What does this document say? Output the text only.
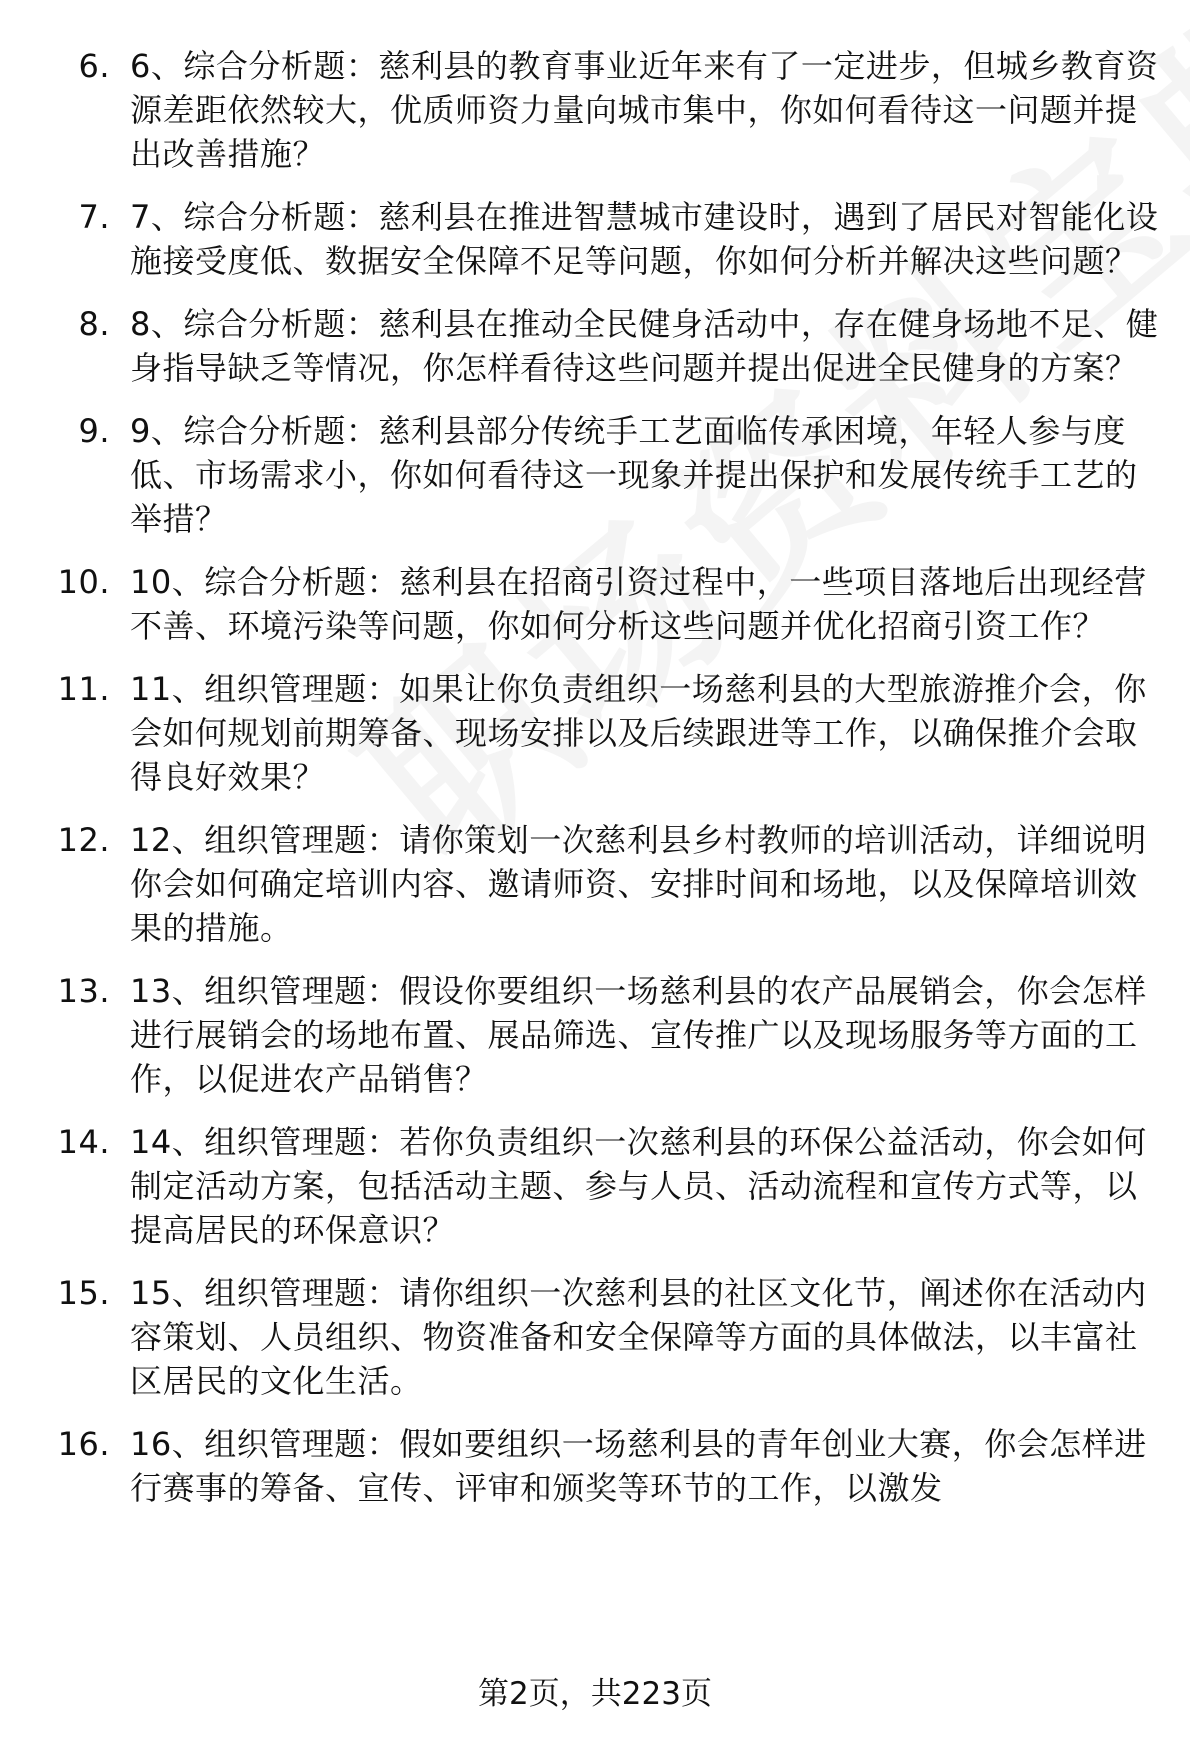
6. 6、综合分析题：慈利县的教育事业近年来有了一定进步，但城乡教育资源差距依然较大，优质师资力量向城市集中，你如何看待这一问题并提出改善措施？
7. 7、综合分析题：慈利县在推进智慧城市建设时，遇到了居民对智能化设施接受度低、数据安全保障不足等问题，你如何分析并解决这些问题？
8. 8、综合分析题：慈利县在推动全民健身活动中，存在健身场地不足、健身指导缺乏等情况，你怎样看待这些问题并提出促进全民健身的方案？
9. 9、综合分析题：慈利县部分传统手工艺面临传承困境，年轻人参与度低、市场需求小，你如何看待这一现象并提出保护和发展传统手工艺的举措？
10. 10、综合分析题：慈利县在招商引资过程中，一些项目落地后出现经营不善、环境污染等问题，你如何分析这些问题并优化招商引资工作？
11. 11、组织管理题：如果让你负责组织一场慈利县的大型旅游推介会，你会如何规划前期筹备、现场安排以及后续跟进等工作，以确保推介会取得良好效果？
12. 12、组织管理题：请你策划一次慈利县乡村教师的培训活动，详细说明你会如何确定培训内容、邀请师资、安排时间和场地，以及保障培训效果的措施。
13. 13、组织管理题：假设你要组织一场慈利县的农产品展销会，你会怎样进行展销会的场地布置、展品筛选、宣传推广以及现场服务等方面的工作，以促进农产品销售？
14. 14、组织管理题：若你负责组织一次慈利县的环保公益活动，你会如何制定活动方案，包括活动主题、参与人员、活动流程和宣传方式等，以提高居民的环保意识？
15. 15、组织管理题：请你组织一次慈利县的社区文化节，阐述你在活动内容策划、人员组织、物资准备和安全保障等方面的具体做法，以丰富社区居民的文化生活。
16. 16、组织管理题：假如要组织一场慈利县的青年创业大赛，你会怎样进行赛事的筹备、宣传、评审和颁奖等环节的工作，以激发
第2页，共223页
